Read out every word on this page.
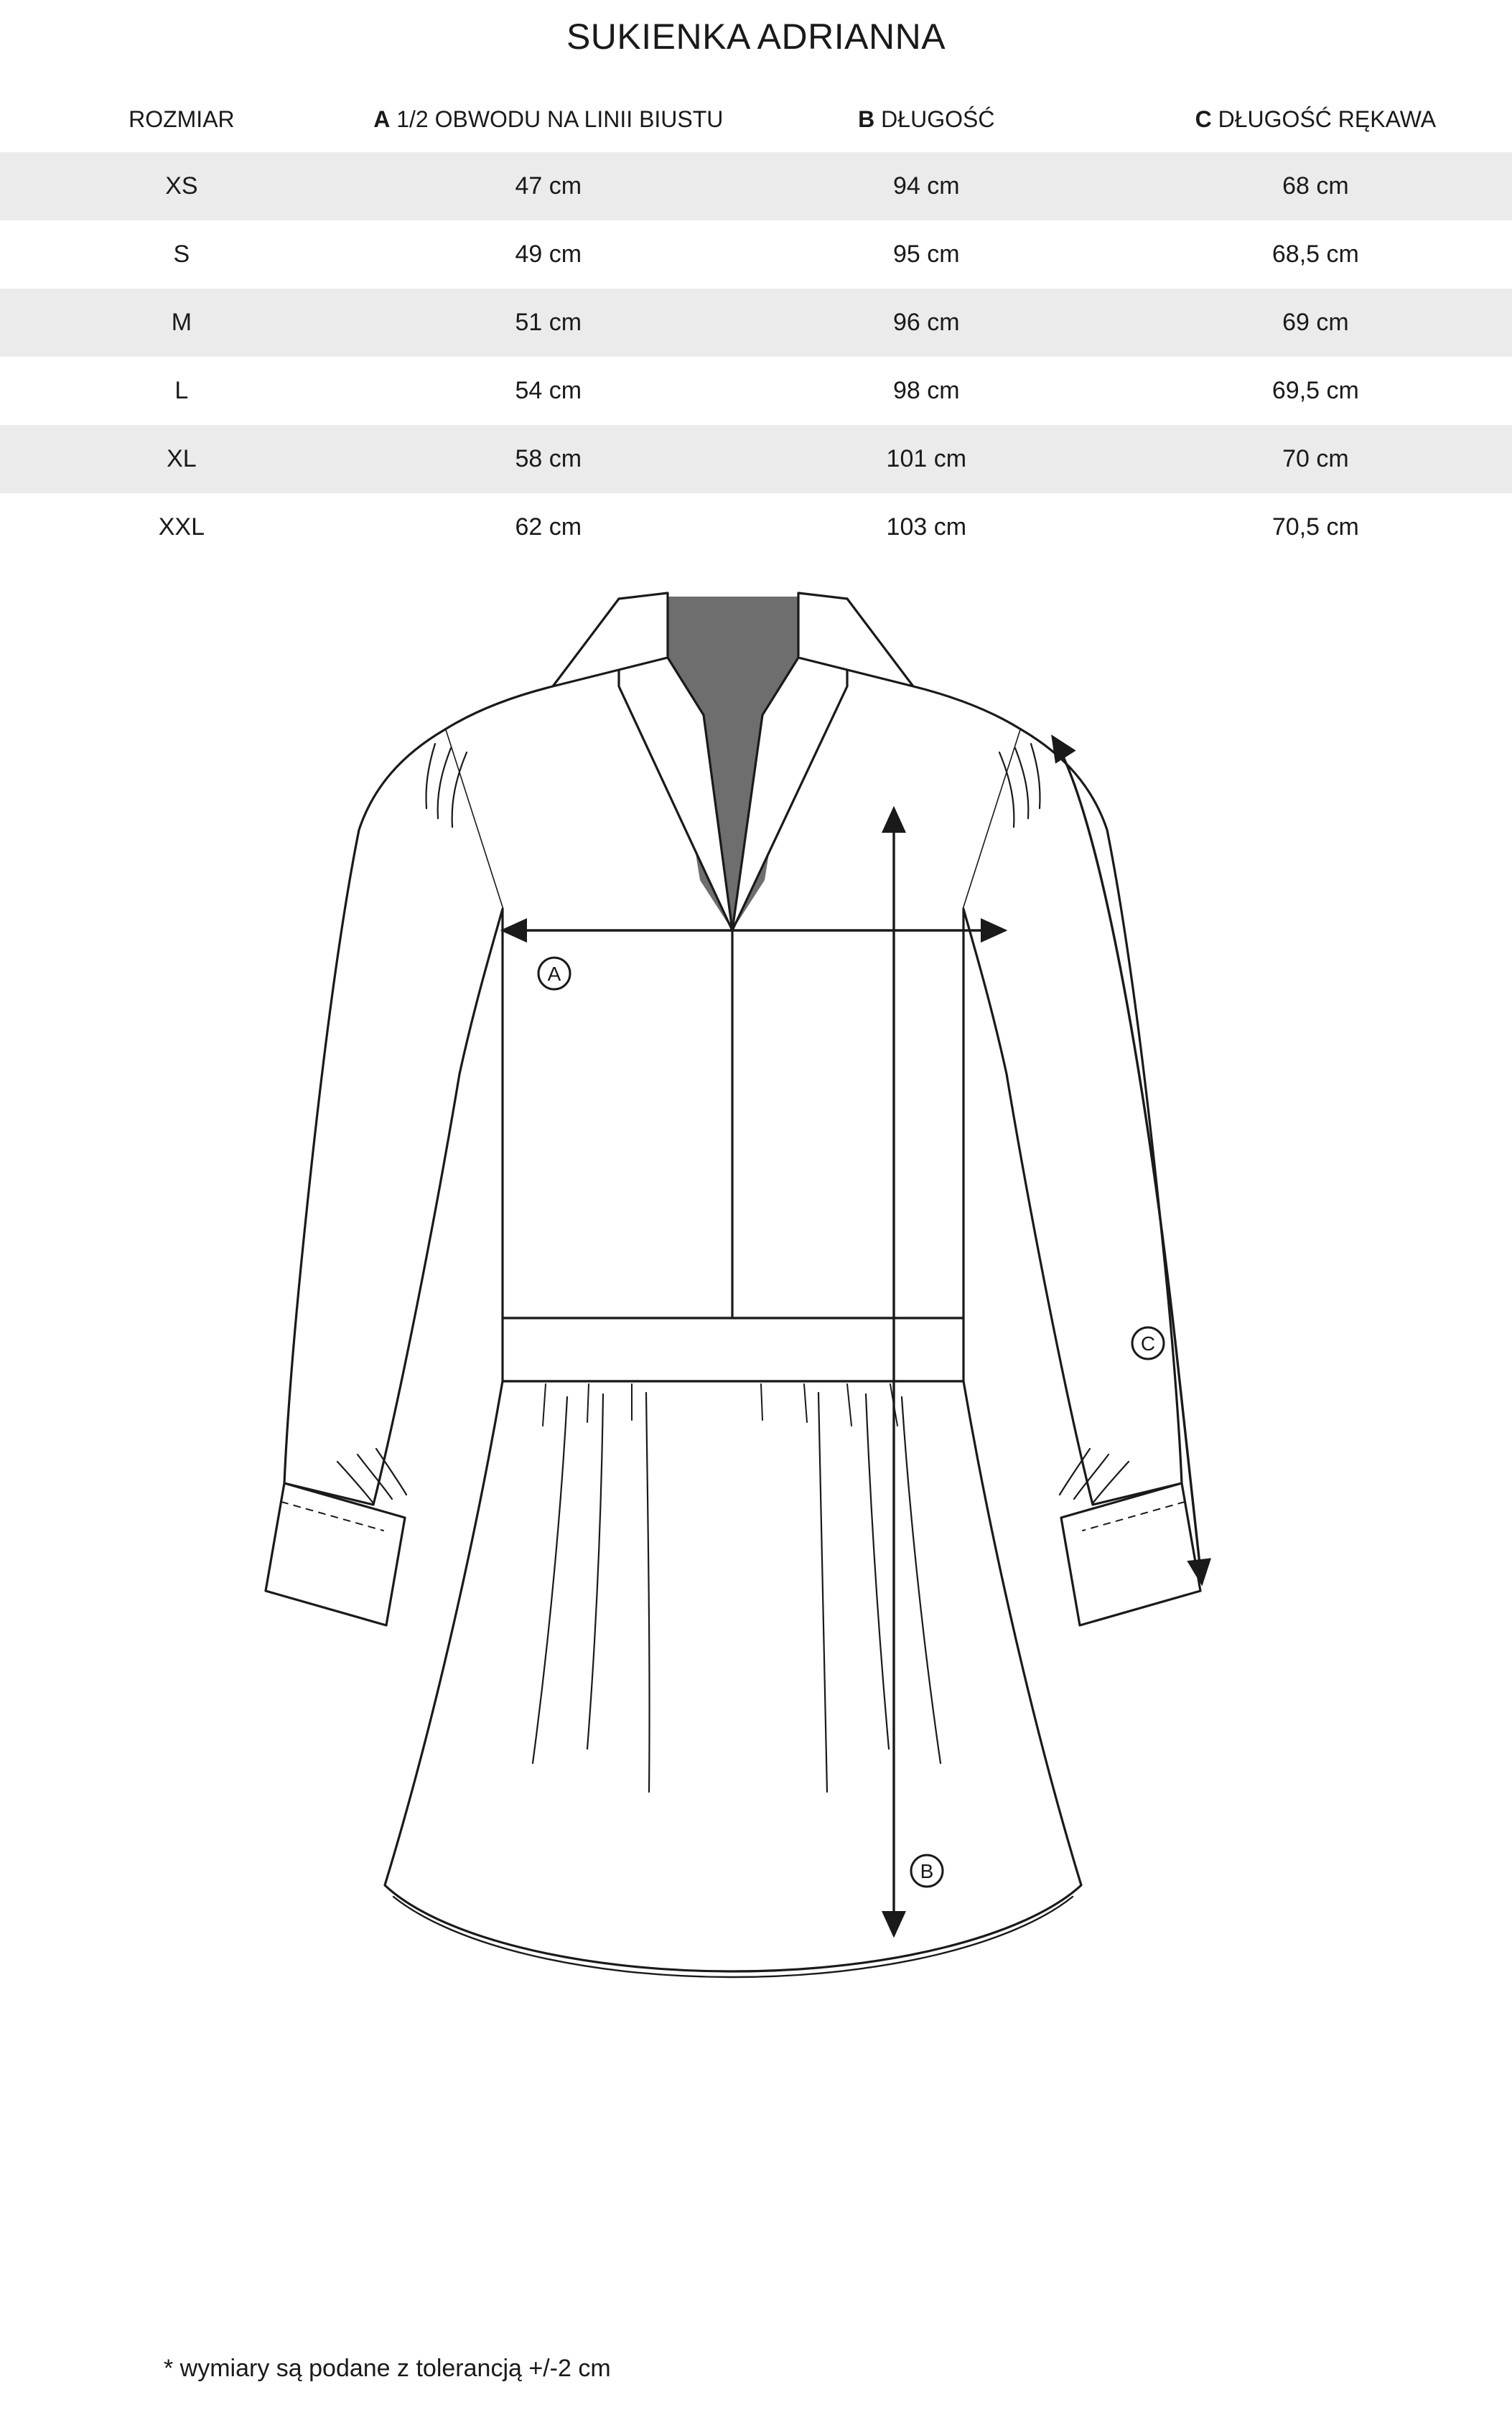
SUKIENKA ADRIANNA
ROZMIAR	A 1/2 OBWODU NA LINII BIUSTU	B DŁUGOŚĆ	C DŁUGOŚĆ RĘKAWA
XS	47 cm	94 cm	68 cm
S	49 cm	95 cm	68,5 cm
M	51 cm	96 cm	69 cm
L	54 cm	98 cm	69,5 cm
XL	58 cm	101 cm	70 cm
XXL	62 cm	103 cm	70,5 cm
A
B
C
* wymiary są podane z tolerancją +/-2 cm
